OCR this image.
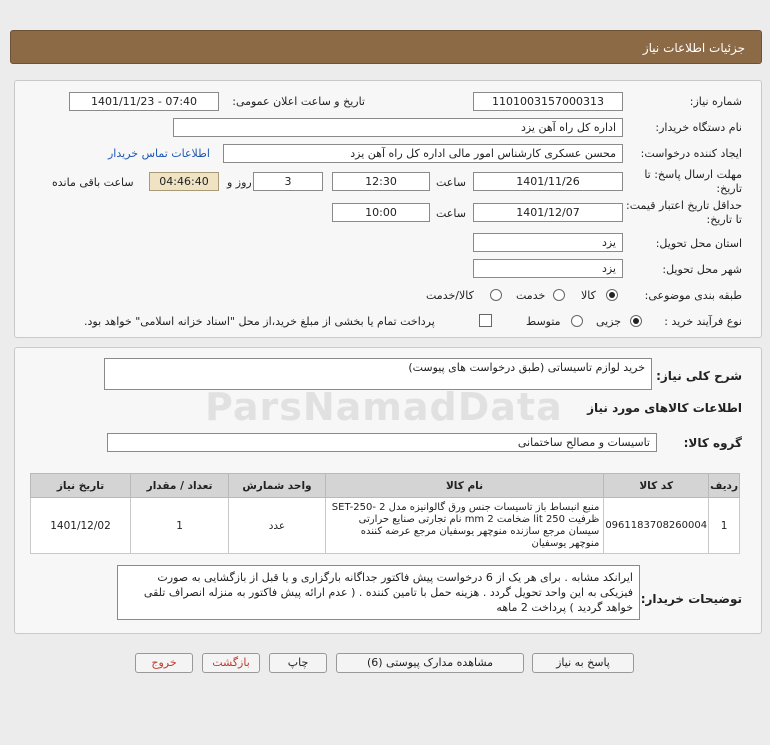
جزئیات اطلاعات نیاز
شماره نیاز:
1101003157000313
تاریخ و ساعت اعلان عمومی:
1401/11/23 - 07:40
نام دستگاه خریدار:
اداره کل راه آهن یزد
ایجاد کننده درخواست:
محسن عسکری کارشناس امور مالی اداره کل راه آهن یزد
اطلاعات تماس خریدار
مهلت ارسال پاسخ: تا تاریخ:
1401/11/26
ساعت
12:30
3
روز و
04:46:40
ساعت باقی مانده
حداقل تاریخ اعتبار قیمت: تا تاریخ:
1401/12/07
ساعت
10:00
استان محل تحویل:
یزد
شهر محل تحویل:
یزد
طبقه بندی موضوعی:
کالا
خدمت
کالا/خدمت
نوع فرآیند خرید :
جزیی
متوسط
پرداخت تمام یا بخشی از مبلغ خرید،از محل "اسناد خزانه اسلامی" خواهد بود.
شرح کلی نیاز:
خرید لوازم تاسیساتی (طبق درخواست های پیوست)
اطلاعات کالاهای مورد نیاز
ParsNamadData
گروه کالا:
تاسیسات و مصالح ساختمانی
ردیف	کد کالا	نام کالا	واحد شمارش	تعداد / مقدار	تاریخ نیاز
1	0961183708260004	منبع انبساط باز تاسیسات جنس ورق گالوانیزه مدل SET-250- 2 ظرفیت 250 lit ضخامت 2 mm نام تجارتی صنایع حرارتی سیسان مرجع سازنده منوچهر یوسفیان مرجع عرضه کننده منوچهر یوسفیان	عدد	1	1401/12/02
توضیحات خریدار:
ایرانکد مشابه . برای هر یک از 6 درخواست پیش فاکتور جداگانه بارگزاری و یا قبل از بازگشایی به صورت فیزیکی به این واحد تحویل گردد . هزینه حمل با تامین کننده . ( عدم ارائه پیش فاکتور به منزله انصراف تلقی خواهد گردید ) پرداخت 2 ماهه
پاسخ به نیاز
مشاهده مدارک پیوستی (6)
چاپ
بازگشت
خروج
